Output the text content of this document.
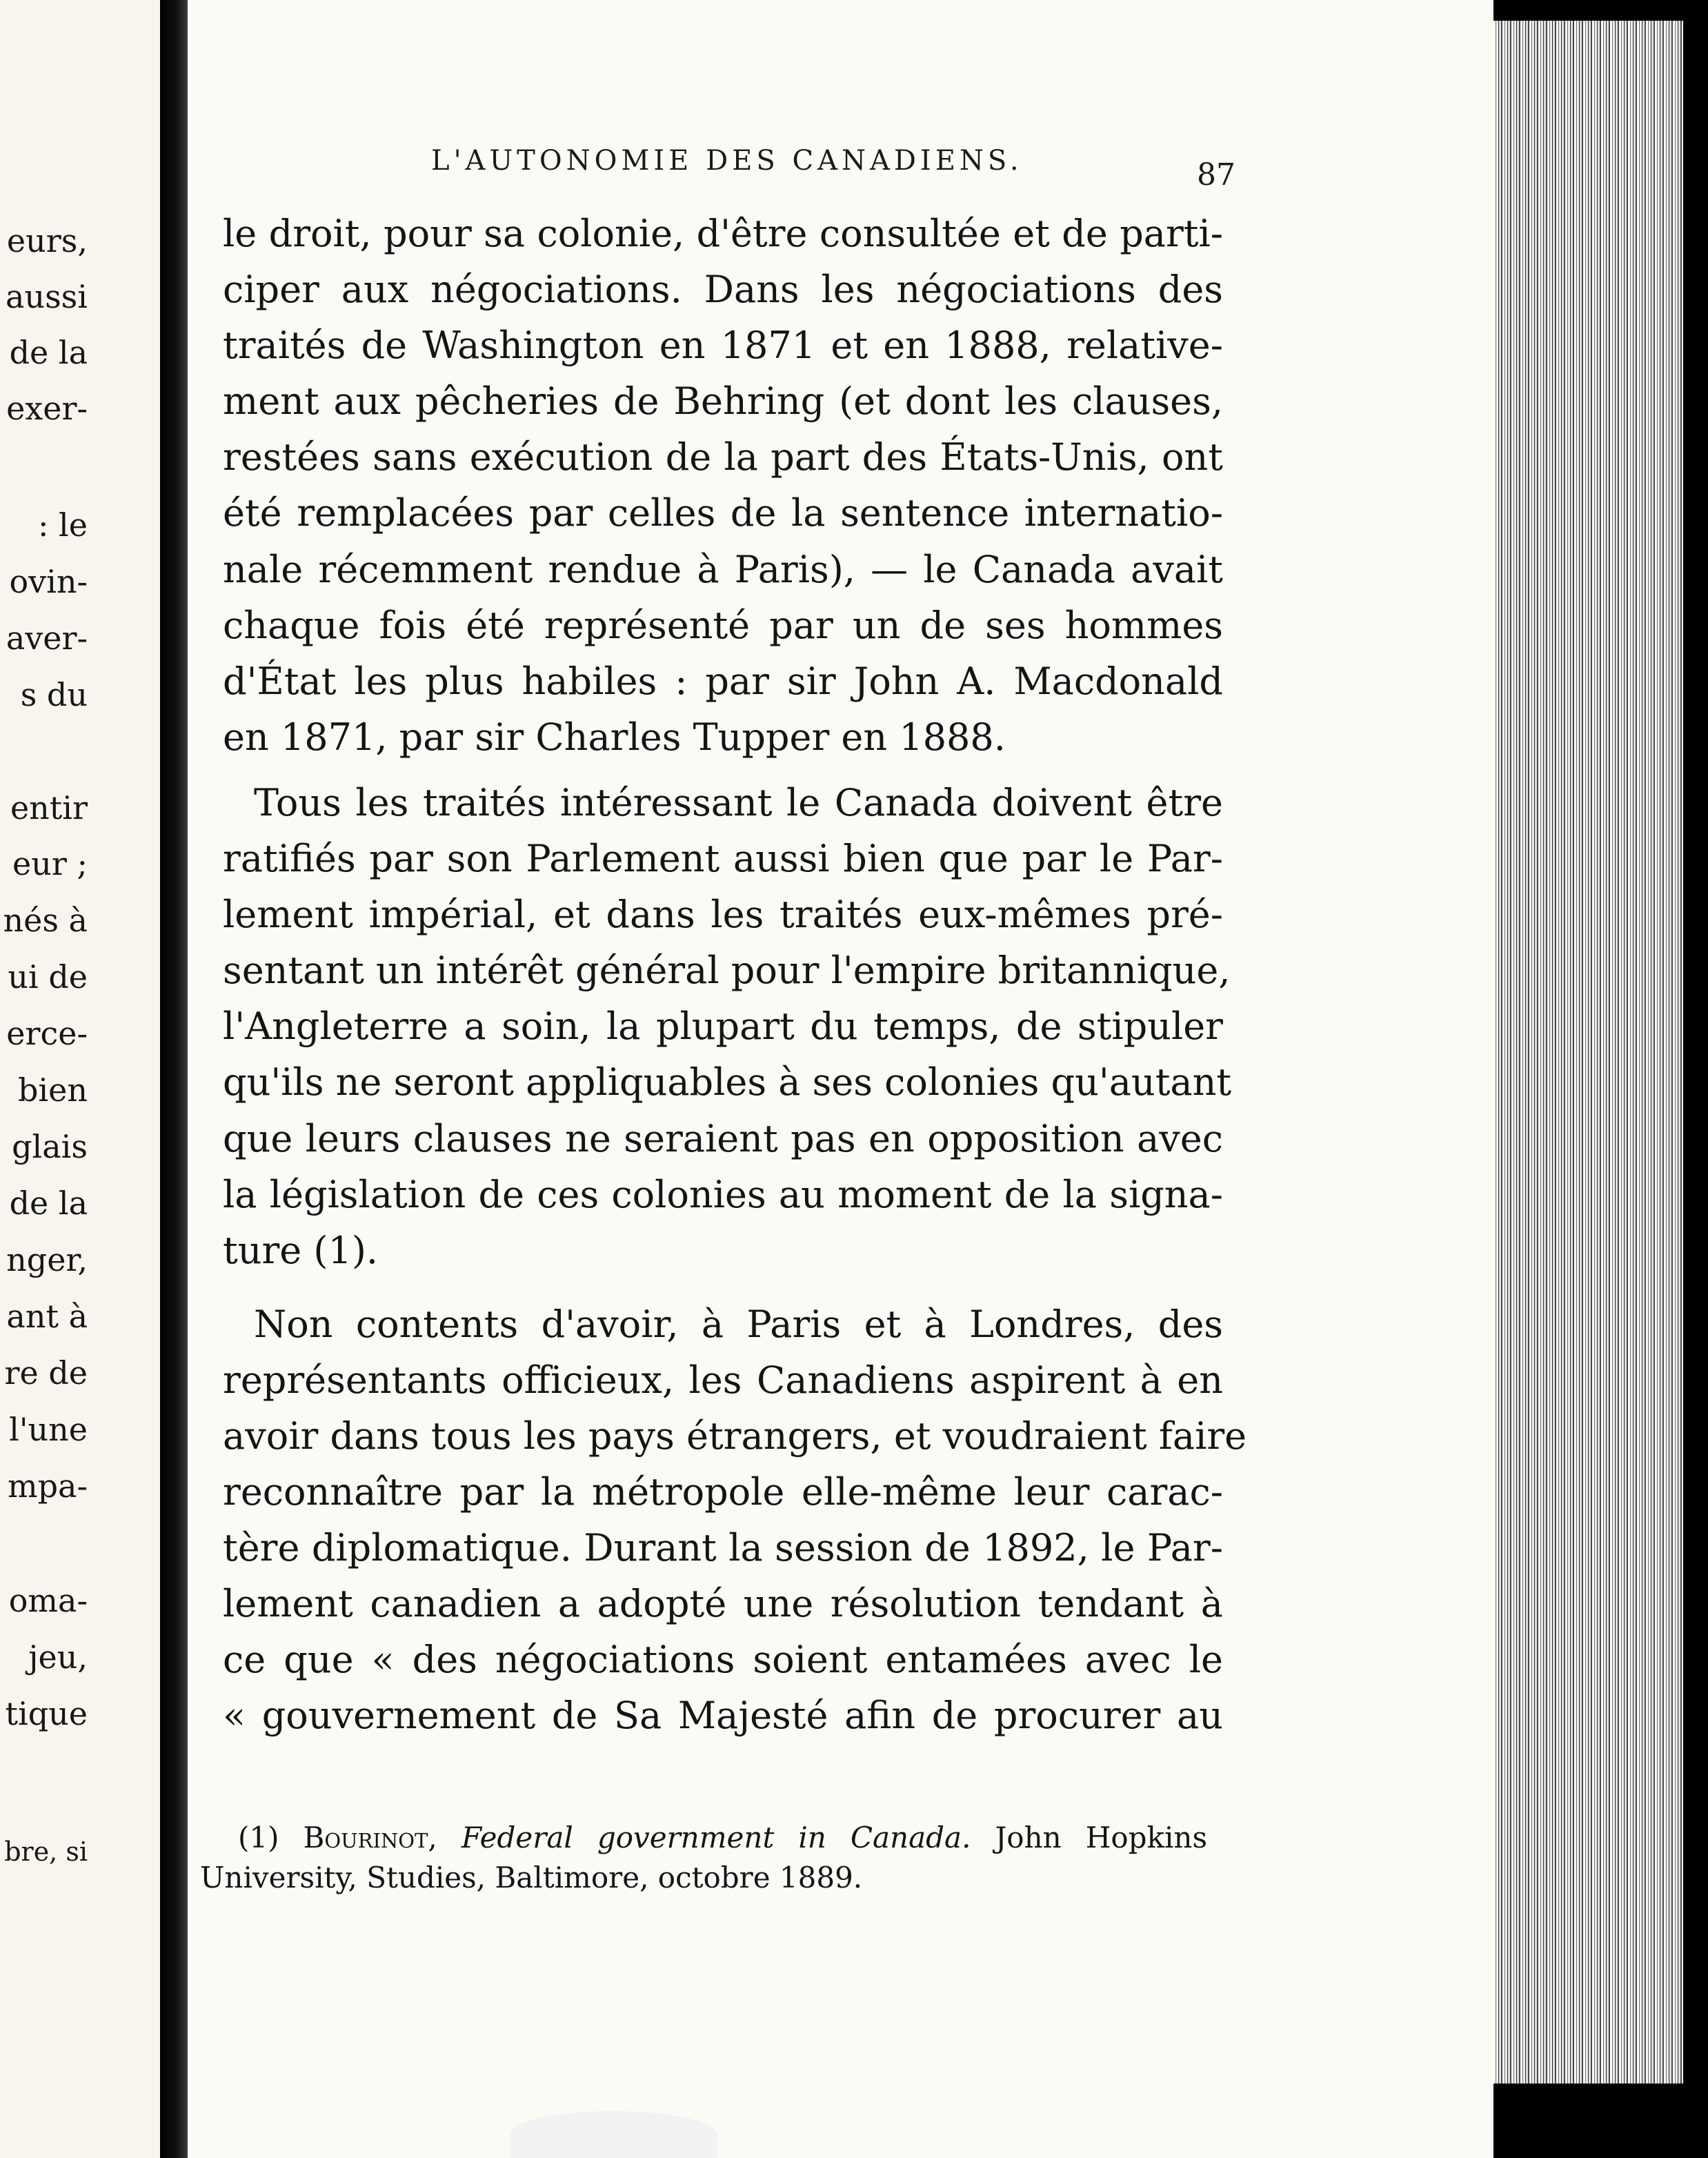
eurs,
aussi
de la
exer-
: le
ovin-
aver-
s du
entir
eur ;
nés à
ui de
erce-
bien
glais
de la
nger,
ant à
re de
l'une
mpa-
oma-
jeu,
tique
bre, si
L'AUTONOMIE DES CANADIENS.	87
le droit, pour sa colonie, d'être consultée et de parti-
ciper aux négociations. Dans les négociations des
traités de Washington en 1871 et en 1888, relative-
ment aux pêcheries de Behring (et dont les clauses,
restées sans exécution de la part des États-Unis, ont
été remplacées par celles de la sentence internatio-
nale récemment rendue à Paris), — le Canada avait
chaque fois été représenté par un de ses hommes
d'État les plus habiles : par sir John A. Macdonald
en 1871, par sir Charles Tupper en 1888.
Tous les traités intéressant le Canada doivent être
ratifiés par son Parlement aussi bien que par le Par-
lement impérial, et dans les traités eux-mêmes pré-
sentant un intérêt général pour l'empire britannique,
l'Angleterre a soin, la plupart du temps, de stipuler
qu'ils ne seront appliquables à ses colonies qu'autant
que leurs clauses ne seraient pas en opposition avec
la législation de ces colonies au moment de la signa-
ture (1).
Non contents d'avoir, à Paris et à Londres, des
représentants officieux, les Canadiens aspirent à en
avoir dans tous les pays étrangers, et voudraient faire
reconnaître par la métropole elle-même leur carac-
tère diplomatique. Durant la session de 1892, le Par-
lement canadien a adopté une résolution tendant à
ce que « des négociations soient entamées avec le
« gouvernement de Sa Majesté afin de procurer au
(1) Bourinot, Federal government in Canada. John Hopkins
University, Studies, Baltimore, octobre 1889.
